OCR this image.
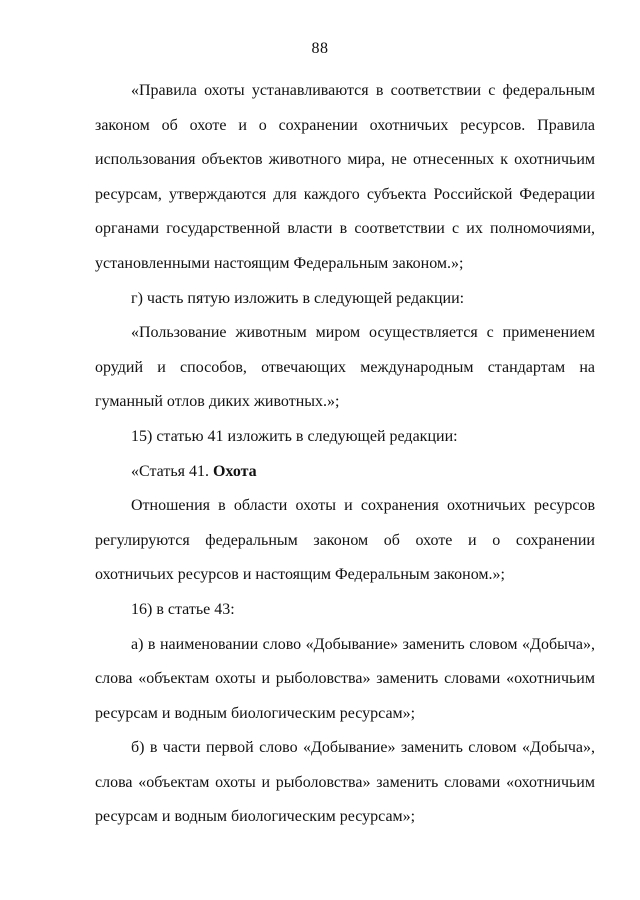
88

«Правила охоты устанавливаются в соответствии с федеральным законом об охоте и о сохранении охотничьих ресурсов. Правила использования объектов животного мира, не отнесенных к охотничьим ресурсам, утверждаются для каждого субъекта Российской Федерации органами государственной власти в соответствии с их полномочиями, установленными настоящим Федеральным законом.»;

г) часть пятую изложить в следующей редакции:

«Пользование животным миром осуществляется с применением орудий и способов, отвечающих международным стандартам на гуманный отлов диких животных.»;

15) статью 41 изложить в следующей редакции:

«Статья 41. Охота

Отношения в области охоты и сохранения охотничьих ресурсов регулируются федеральным законом об охоте и о сохранении охотничьих ресурсов и настоящим Федеральным законом.»;

16) в статье 43:

а) в наименовании слово «Добывание» заменить словом «Добыча», слова «объектам охоты и рыболовства» заменить словами «охотничьим ресурсам и водным биологическим ресурсам»;

б) в части первой слово «Добывание» заменить словом «Добыча», слова «объектам охоты и рыболовства» заменить словами «охотничьим ресурсам и водным биологическим ресурсам»;
